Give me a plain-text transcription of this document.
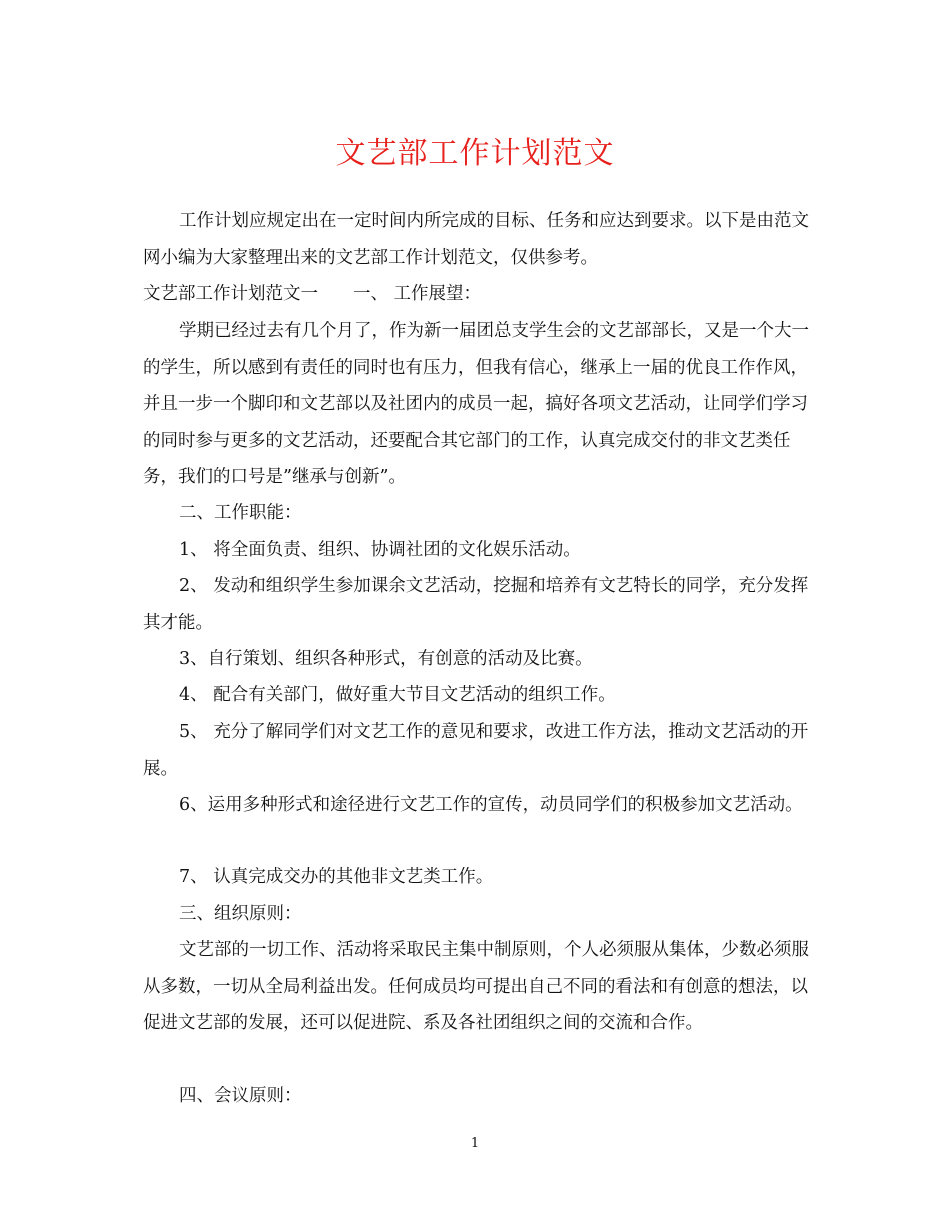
文艺部工作计划范文

工作计划应规定出在一定时间内所完成的目标、任务和应达到要求。以下是由范文网小编为大家整理出来的文艺部工作计划范文，仅供参考。

文艺部工作计划范文一　　一、 工作展望：

学期已经过去有几个月了，作为新一届团总支学生会的文艺部部长，又是一个大一的学生，所以感到有责任的同时也有压力，但我有信心，继承上一届的优良工作作风，并且一步一个脚印和文艺部以及社团内的成员一起，搞好各项文艺活动，让同学们学习的同时参与更多的文艺活动，还要配合其它部门的工作，认真完成交付的非文艺类任务，我们的口号是”继承与创新”。

二、工作职能：

1、 将全面负责、组织、协调社团的文化娱乐活动。

2、 发动和组织学生参加课余文艺活动，挖掘和培养有文艺特长的同学，充分发挥其才能。

3、自行策划、组织各种形式，有创意的活动及比赛。

4、 配合有关部门，做好重大节目文艺活动的组织工作。

5、 充分了解同学们对文艺工作的意见和要求，改进工作方法，推动文艺活动的开展。

6、运用多种形式和途径进行文艺工作的宣传，动员同学们的积极参加文艺活动。

7、 认真完成交办的其他非文艺类工作。

三、组织原则：

文艺部的一切工作、活动将采取民主集中制原则，个人必须服从集体，少数必须服从多数，一切从全局利益出发。任何成员均可提出自己不同的看法和有创意的想法，以促进文艺部的发展，还可以促进院、系及各社团组织之间的交流和合作。

四、会议原则：

1
